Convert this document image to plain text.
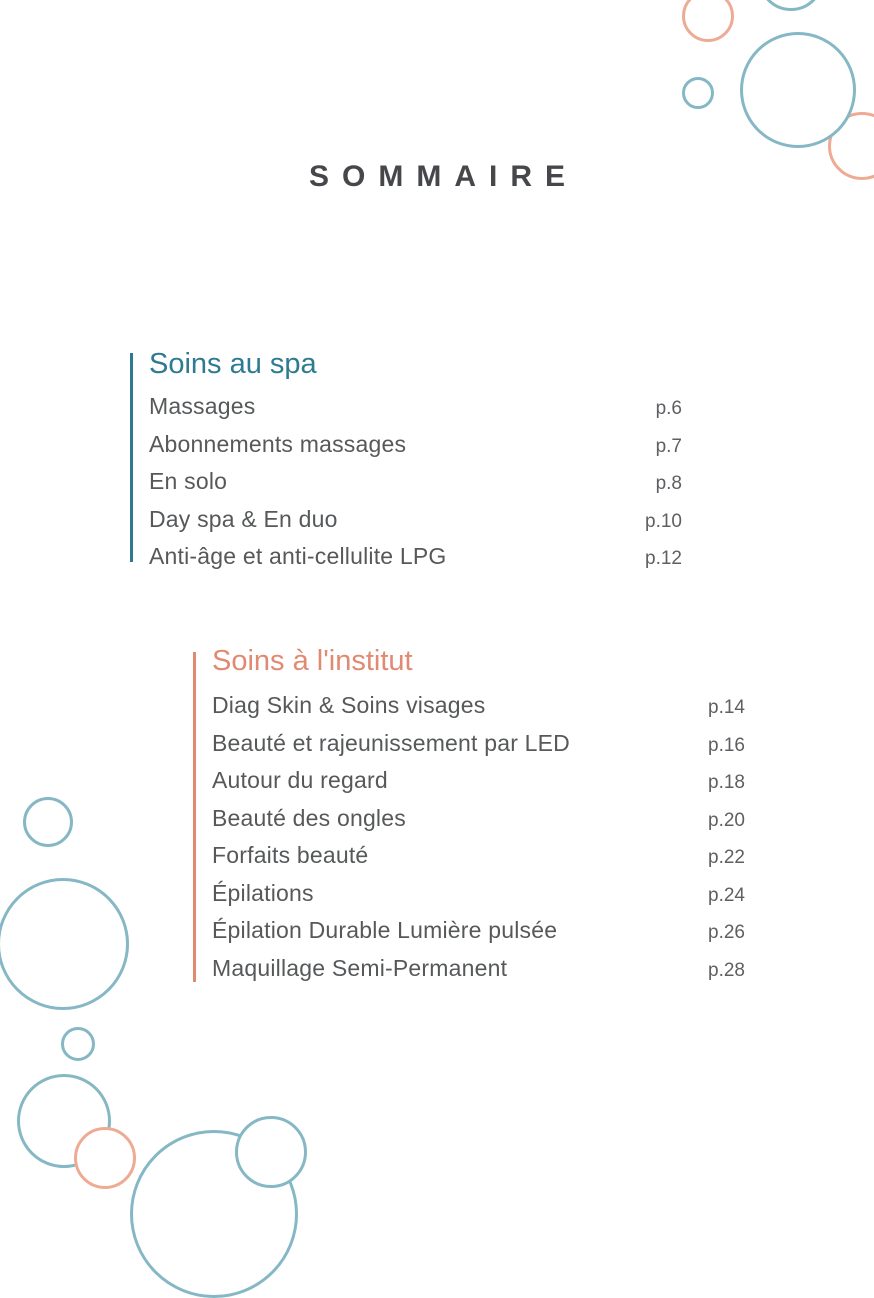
SOMMAIRE
Soins au spa
Massages	p.6
Abonnements massages	p.7
En solo	p.8
Day spa & En duo	p.10
Anti-âge et anti-cellulite LPG	p.12
Soins à l'institut
Diag Skin & Soins visages	p.14
Beauté et rajeunissement par LED	p.16
Autour du regard	p.18
Beauté des ongles	p.20
Forfaits beauté	p.22
Épilations	p.24
Épilation Durable Lumière pulsée	p.26
Maquillage Semi-Permanent	p.28
